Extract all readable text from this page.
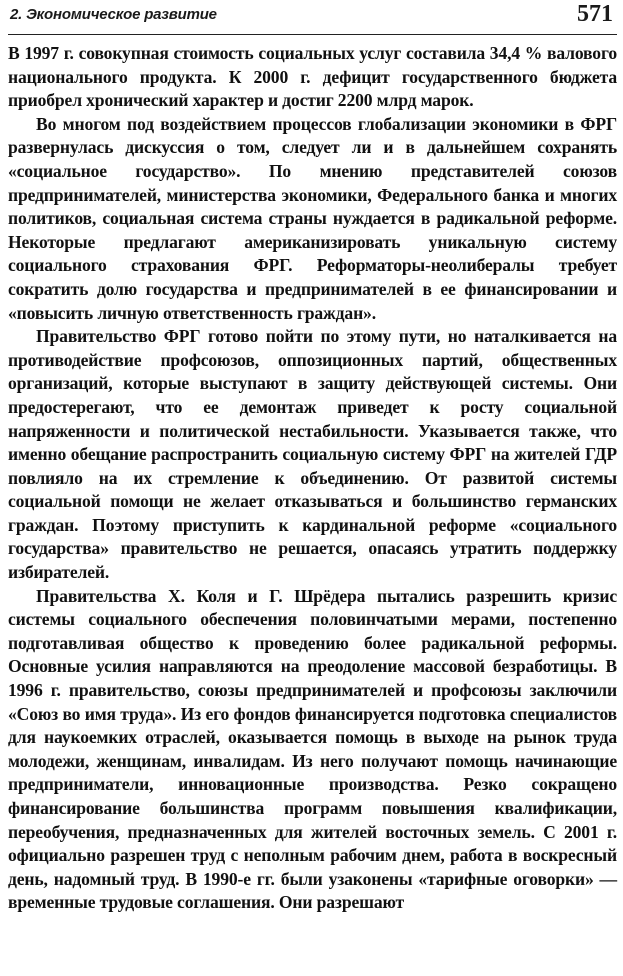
2. Экономическое развитие	571

В 1997 г. совокупная стоимость социальных услуг составила 34,4 % валового национального продукта. К 2000 г. дефицит государственного бюджета приобрел хронический характер и достиг 2200 млрд марок.

Во многом под воздействием процессов глобализации экономики в ФРГ развернулась дискуссия о том, следует ли и в дальнейшем сохранять «социальное государство». По мнению представителей союзов предпринимателей, министерства экономики, Федерального банка и многих политиков, социальная система страны нуждается в радикальной реформе. Некоторые предлагают американизировать уникальную систему социального страхования ФРГ. Реформаторы-неолибералы требует сократить долю государства и предпринимателей в ее финансировании и «повысить личную ответственность граждан».

Правительство ФРГ готово пойти по этому пути, но наталкивается на противодействие профсоюзов, оппозиционных партий, общественных организаций, которые выступают в защиту действующей системы. Они предостерегают, что ее демонтаж приведет к росту социальной напряженности и политической нестабильности. Указывается также, что именно обещание распространить социальную систему ФРГ на жителей ГДР повлияло на их стремление к объединению. От развитой системы социальной помощи не желает отказываться и большинство германских граждан. Поэтому приступить к кардинальной реформе «социального государства» правительство не решается, опасаясь утратить поддержку избирателей.

Правительства Х. Коля и Г. Шрёдера пытались разрешить кризис системы социального обеспечения половинчатыми мерами, постепенно подготавливая общество к проведению более радикальной реформы. Основные усилия направляются на преодоление массовой безработицы. В 1996 г. правительство, союзы предпринимателей и профсоюзы заключили «Союз во имя труда». Из его фондов финансируется подготовка специалистов для наукоемких отраслей, оказывается помощь в выходе на рынок труда молодежи, женщинам, инвалидам. Из него получают помощь начинающие предприниматели, инновационные производства. Резко сокращено финансирование большинства программ повышения квалификации, переобучения, предназначенных для жителей восточных земель. С 2001 г. официально разрешен труд с неполным рабочим днем, работа в воскресный день, надомный труд. В 1990-е гг. были узаконены «тарифные оговорки» — временные трудовые соглашения. Они разрешают
